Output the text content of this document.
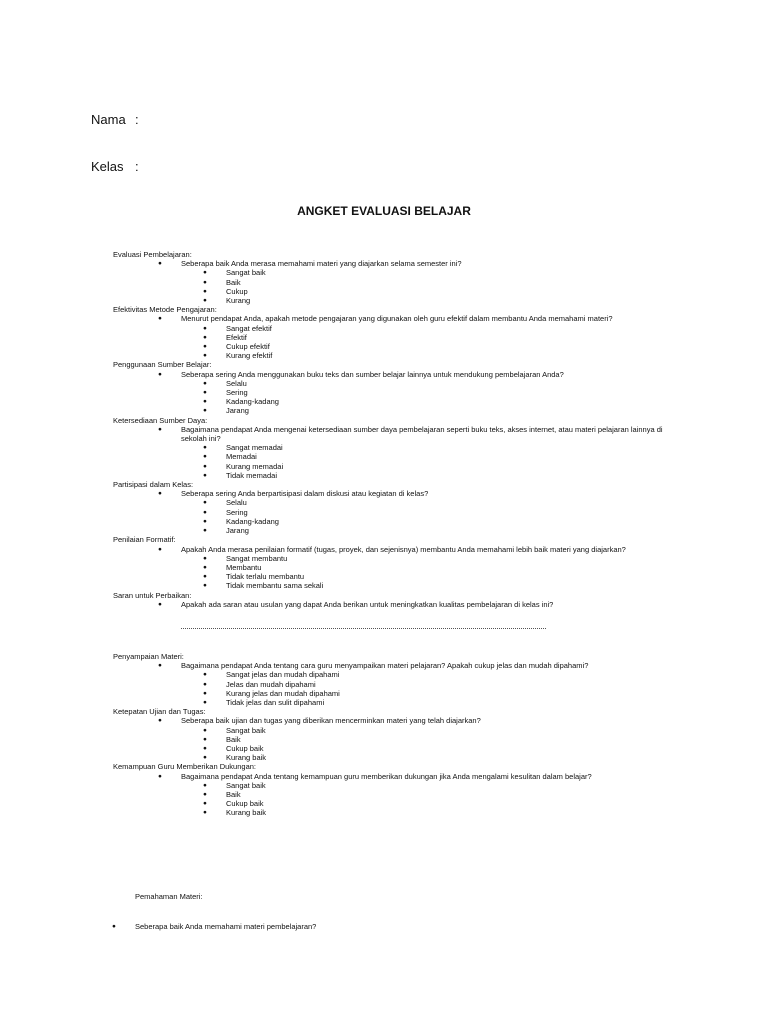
Nama :
Kelas :
ANGKET EVALUASI BELAJAR
Evaluasi Pembelajaran:
●	Seberapa baik Anda merasa memahami materi yang diajarkan selama semester ini?
●	Sangat baik
●	Baik
●	Cukup
●	Kurang
Efektivitas Metode Pengajaran:
●	Menurut pendapat Anda, apakah metode pengajaran yang digunakan oleh guru efektif dalam membantu Anda memahami materi?
●	Sangat efektif
●	Efektif
●	Cukup efektif
●	Kurang efektif
Penggunaan Sumber Belajar:
●	Seberapa sering Anda menggunakan buku teks dan sumber belajar lainnya untuk mendukung pembelajaran Anda?
●	Selalu
●	Sering
●	Kadang-kadang
●	Jarang
Ketersediaan Sumber Daya:
●	Bagaimana pendapat Anda mengenai ketersediaan sumber daya pembelajaran seperti buku teks, akses internet, atau materi pelajaran lainnya di sekolah ini?
●	Sangat memadai
●	Memadai
●	Kurang memadai
●	Tidak memadai
Partisipasi dalam Kelas:
●	Seberapa sering Anda berpartisipasi dalam diskusi atau kegiatan di kelas?
●	Selalu
●	Sering
●	Kadang-kadang
●	Jarang
Penilaian Formatif:
●	Apakah Anda merasa penilaian formatif (tugas, proyek, dan sejenisnya) membantu Anda memahami lebih baik materi yang diajarkan?
●	Sangat membantu
●	Membantu
●	Tidak terlalu membantu
●	Tidak membantu sama sekali
Saran untuk Perbaikan:
●	Apakah ada saran atau usulan yang dapat Anda berikan untuk meningkatkan kualitas pembelajaran di kelas ini?
Penyampaian Materi:
●	Bagaimana pendapat Anda tentang cara guru menyampaikan materi pelajaran? Apakah cukup jelas dan mudah dipahami?
●	Sangat jelas dan mudah dipahami
●	Jelas dan mudah dipahami
●	Kurang jelas dan mudah dipahami
●	Tidak jelas dan sulit dipahami
Ketepatan Ujian dan Tugas:
●	Seberapa baik ujian dan tugas yang diberikan mencerminkan materi yang telah diajarkan?
●	Sangat baik
●	Baik
●	Cukup baik
●	Kurang baik
Kemampuan Guru Memberikan Dukungan:
●	Bagaimana pendapat Anda tentang kemampuan guru memberikan dukungan jika Anda mengalami kesulitan dalam belajar?
●	Sangat baik
●	Baik
●	Cukup baik
●	Kurang baik
Pemahaman Materi:
●	Seberapa baik Anda memahami materi pembelajaran?
